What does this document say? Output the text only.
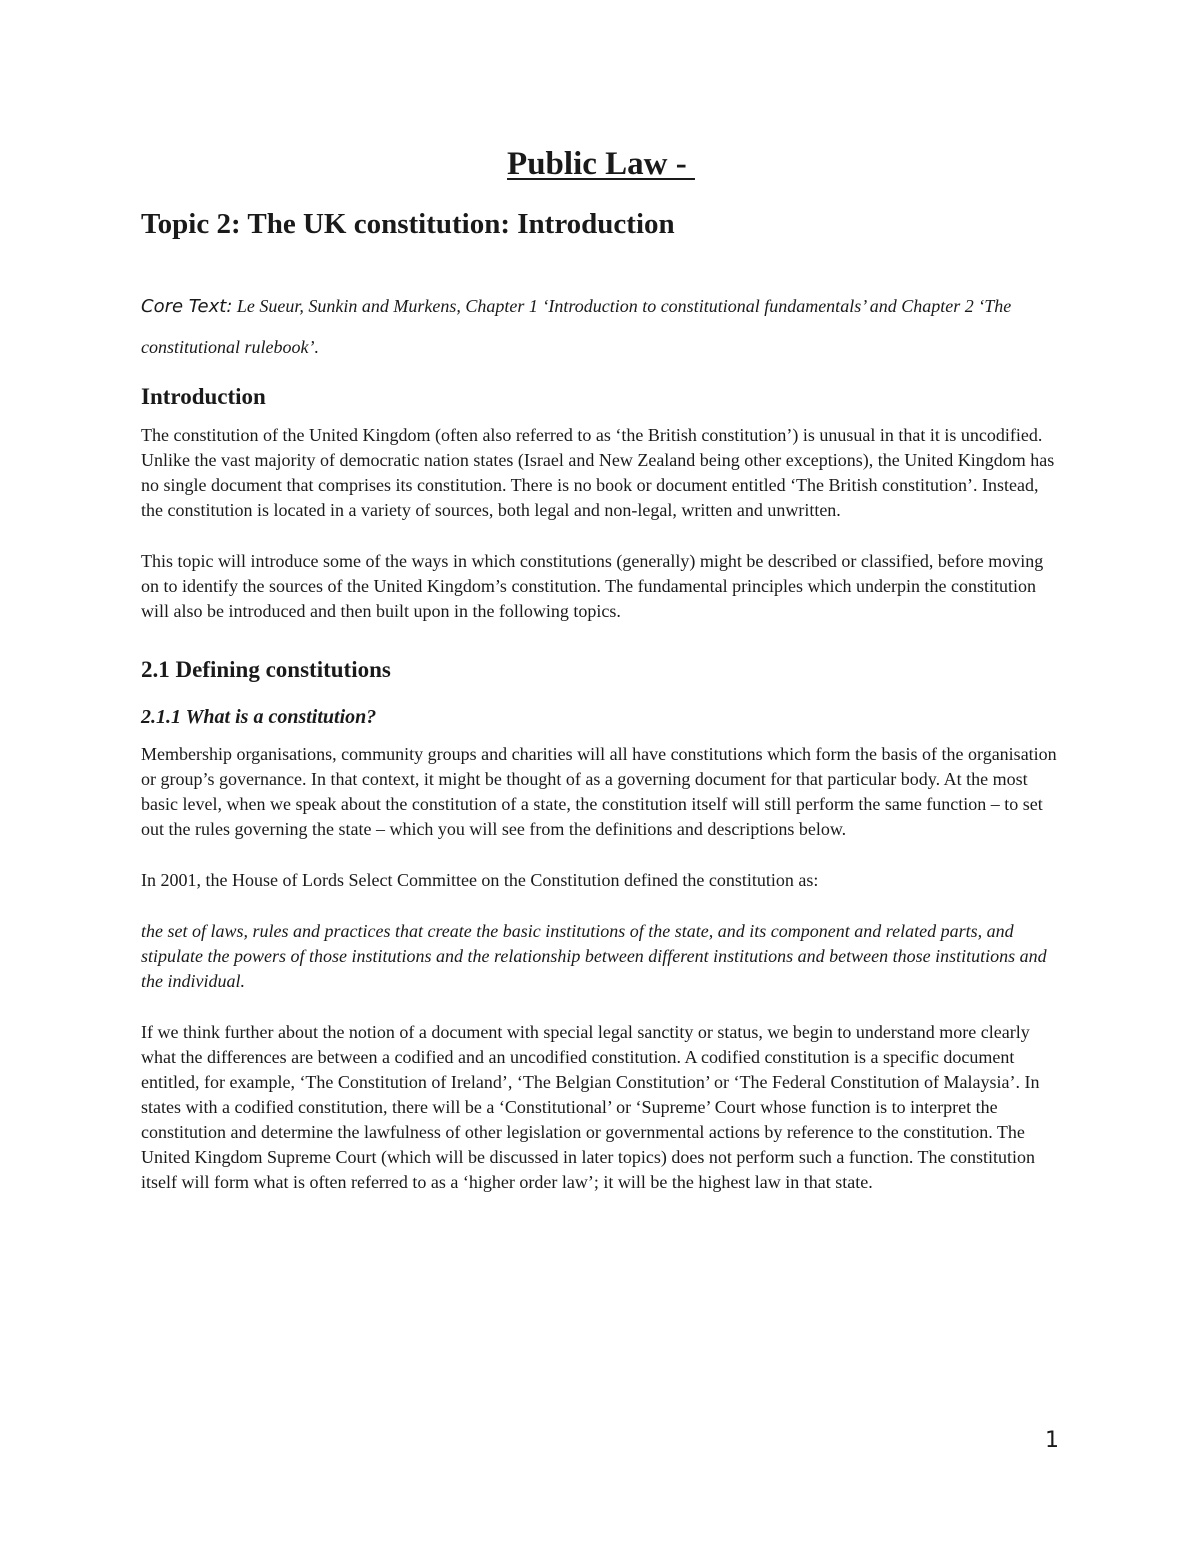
Public Law -
Topic 2: The UK constitution: Introduction

Core Text: Le Sueur, Sunkin and Murkens, Chapter 1 ‘Introduction to constitutional fundamentals’ and Chapter 2 ‘The constitutional rulebook’.

Introduction

The constitution of the United Kingdom (often also referred to as ‘the British constitution’) is unusual in that it is uncodified. Unlike the vast majority of democratic nation states (Israel and New Zealand being other exceptions), the United Kingdom has no single document that comprises its constitution. There is no book or document entitled ‘The British constitution’. Instead, the constitution is located in a variety of sources, both legal and non-legal, written and unwritten.

This topic will introduce some of the ways in which constitutions (generally) might be described or classified, before moving on to identify the sources of the United Kingdom’s constitution. The fundamental principles which underpin the constitution will also be introduced and then built upon in the following topics.

2.1 Defining constitutions
2.1.1 What is a constitution?

Membership organisations, community groups and charities will all have constitutions which form the basis of the organisation or group’s governance. In that context, it might be thought of as a governing document for that particular body. At the most basic level, when we speak about the constitution of a state, the constitution itself will still perform the same function – to set out the rules governing the state – which you will see from the definitions and descriptions below.

In 2001, the House of Lords Select Committee on the Constitution defined the constitution as:

the set of laws, rules and practices that create the basic institutions of the state, and its component and related parts, and stipulate the powers of those institutions and the relationship between different institutions and between those institutions and the individual.

If we think further about the notion of a document with special legal sanctity or status, we begin to understand more clearly what the differences are between a codified and an uncodified constitution. A codified constitution is a specific document entitled, for example, ‘The Constitution of Ireland’, ‘The Belgian Constitution’ or ‘The Federal Constitution of Malaysia’. In states with a codified constitution, there will be a ‘Constitutional’ or ‘Supreme’ Court whose function is to interpret the constitution and determine the lawfulness of other legislation or governmental actions by reference to the constitution. The United Kingdom Supreme Court (which will be discussed in later topics) does not perform such a function. The constitution itself will form what is often referred to as a ‘higher order law’; it will be the highest law in that state.

1
